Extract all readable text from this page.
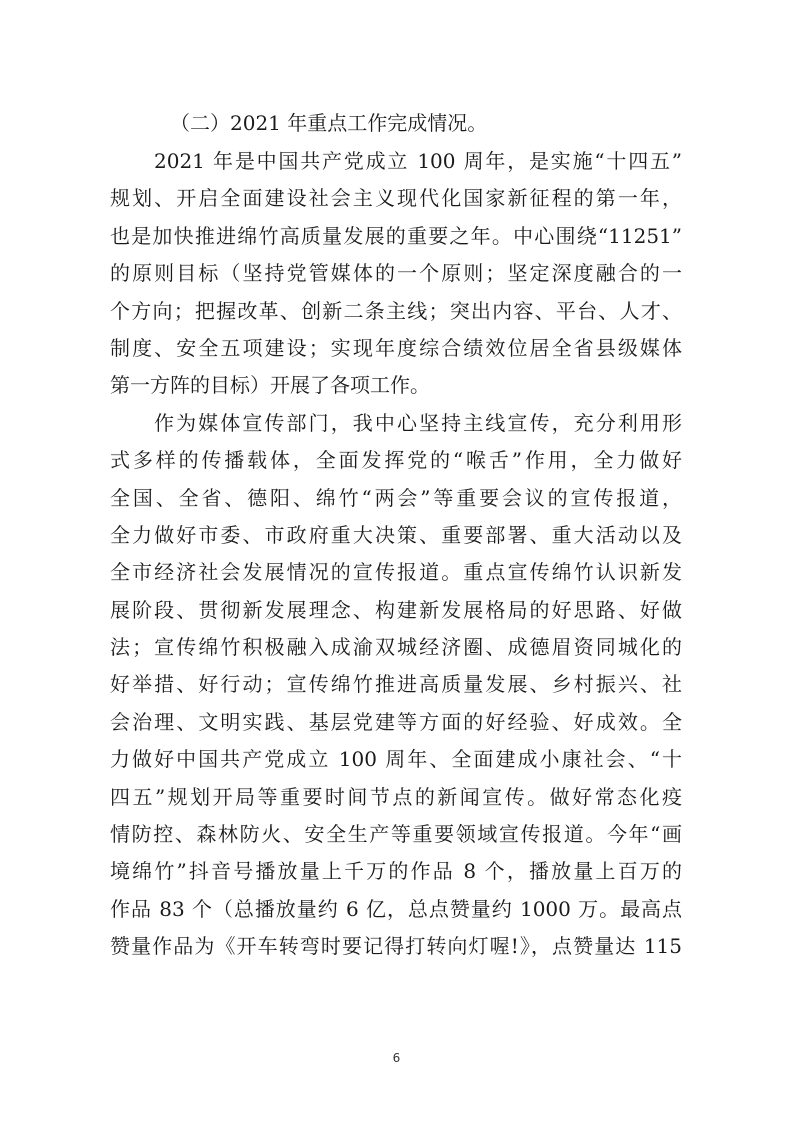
（二）2021 年重点工作完成情况。
2021 年是中国共产党成立 100 周年，是实施“十四五”
规划、开启全面建设社会主义现代化国家新征程的第一年，
也是加快推进绵竹高质量发展的重要之年。中心围绕“11251”
的原则目标（坚持党管媒体的一个原则；坚定深度融合的一
个方向；把握改革、创新二条主线；突出内容、平台、人才、
制度、安全五项建设；实现年度综合绩效位居全省县级媒体
第一方阵的目标）开展了各项工作。
作为媒体宣传部门，我中心坚持主线宣传，充分利用形
式多样的传播载体，全面发挥党的“喉舌”作用，全力做好
全国、全省、德阳、绵竹“两会”等重要会议的宣传报道，
全力做好市委、市政府重大决策、重要部署、重大活动以及
全市经济社会发展情况的宣传报道。重点宣传绵竹认识新发
展阶段、贯彻新发展理念、构建新发展格局的好思路、好做
法；宣传绵竹积极融入成渝双城经济圈、成德眉资同城化的
好举措、好行动；宣传绵竹推进高质量发展、乡村振兴、社
会治理、文明实践、基层党建等方面的好经验、好成效。全
力做好中国共产党成立 100 周年、全面建成小康社会、“十
四五”规划开局等重要时间节点的新闻宣传。做好常态化疫
情防控、森林防火、安全生产等重要领域宣传报道。今年“画
境绵竹”抖音号播放量上千万的作品 8 个，播放量上百万的
作品 83 个（总播放量约 6 亿，总点赞量约 1000 万。最高点
赞量作品为《开车转弯时要记得打转向灯喔!》，点赞量达 115
6
